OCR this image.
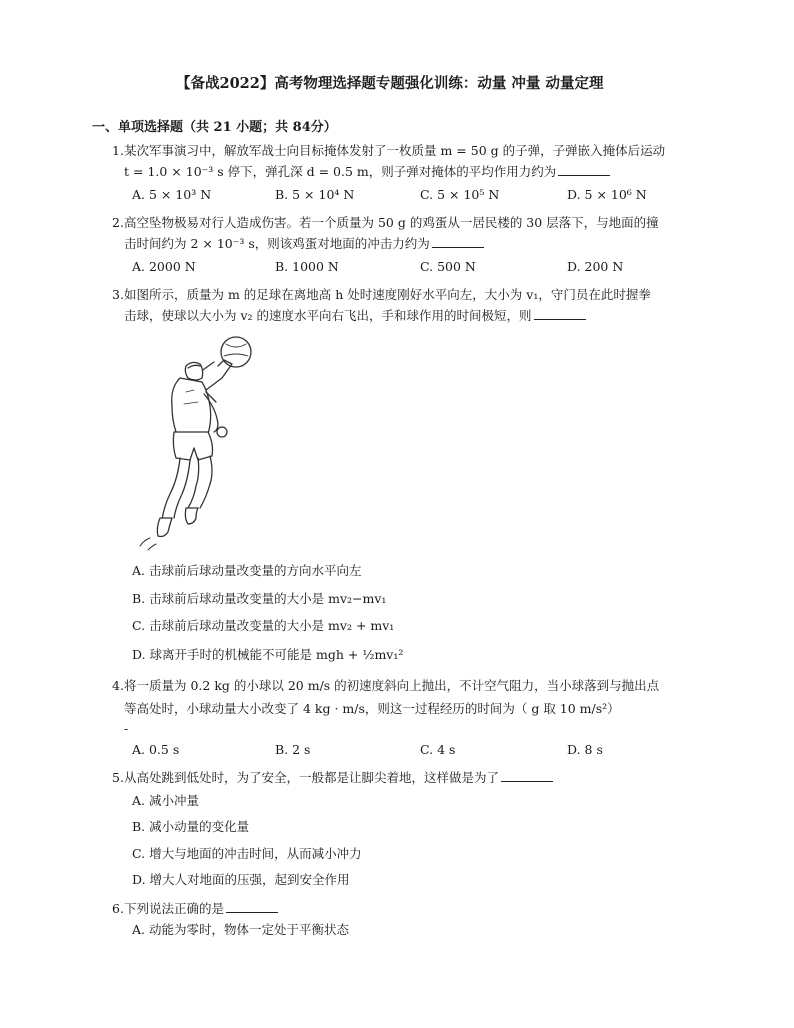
【备战2022】高考物理选择题专题强化训练：动量 冲量 动量定理
一、单项选择题（共 21 小题；共 84分）
1. 某次军事演习中，解放军战士向目标掩体发射了一枚质量 m = 50 g 的子弹，子弹嵌入掩体后运动
t = 1.0 × 10⁻³ s 停下，弹孔深 d = 0.5 m，则子弹对掩体的平均作用力约为
A. 5 × 10³ N	B. 5 × 10⁴ N	C. 5 × 10⁵ N	D. 5 × 10⁶ N
2. 高空坠物极易对行人造成伤害。若一个质量为 50 g 的鸡蛋从一居民楼的 30 层落下，与地面的撞
击时间约为 2 × 10⁻³ s，则该鸡蛋对地面的冲击力约为
A. 2000 N	B. 1000 N	C. 500 N	D. 200 N
3. 如图所示，质量为 m 的足球在离地高 h 处时速度刚好水平向左，大小为 v₁，守门员在此时握拳
击球，使球以大小为 v₂ 的速度水平向右飞出，手和球作用的时间极短，则
A. 击球前后球动量改变量的方向水平向左
B. 击球前后球动量改变量的大小是 mv₂−mv₁
C. 击球前后球动量改变量的大小是 mv₂ + mv₁
D. 球离开手时的机械能不可能是 mgh + ½mv₁²
4. 将一质量为 0.2 kg 的小球以 20 m/s 的初速度斜向上抛出，不计空气阻力，当小球落到与抛出点
等高处时，小球动量大小改变了 4 kg · m/s，则这一过程经历的时间为（ g 取 10 m/s²）
-
A. 0.5 s	B. 2 s	C. 4 s	D. 8 s
5. 从高处跳到低处时，为了安全，一般都是让脚尖着地，这样做是为了
A. 减小冲量
B. 减小动量的变化量
C. 增大与地面的冲击时间，从而减小冲力
D. 增大人对地面的压强，起到安全作用
6. 下列说法正确的是
A. 动能为零时，物体一定处于平衡状态
